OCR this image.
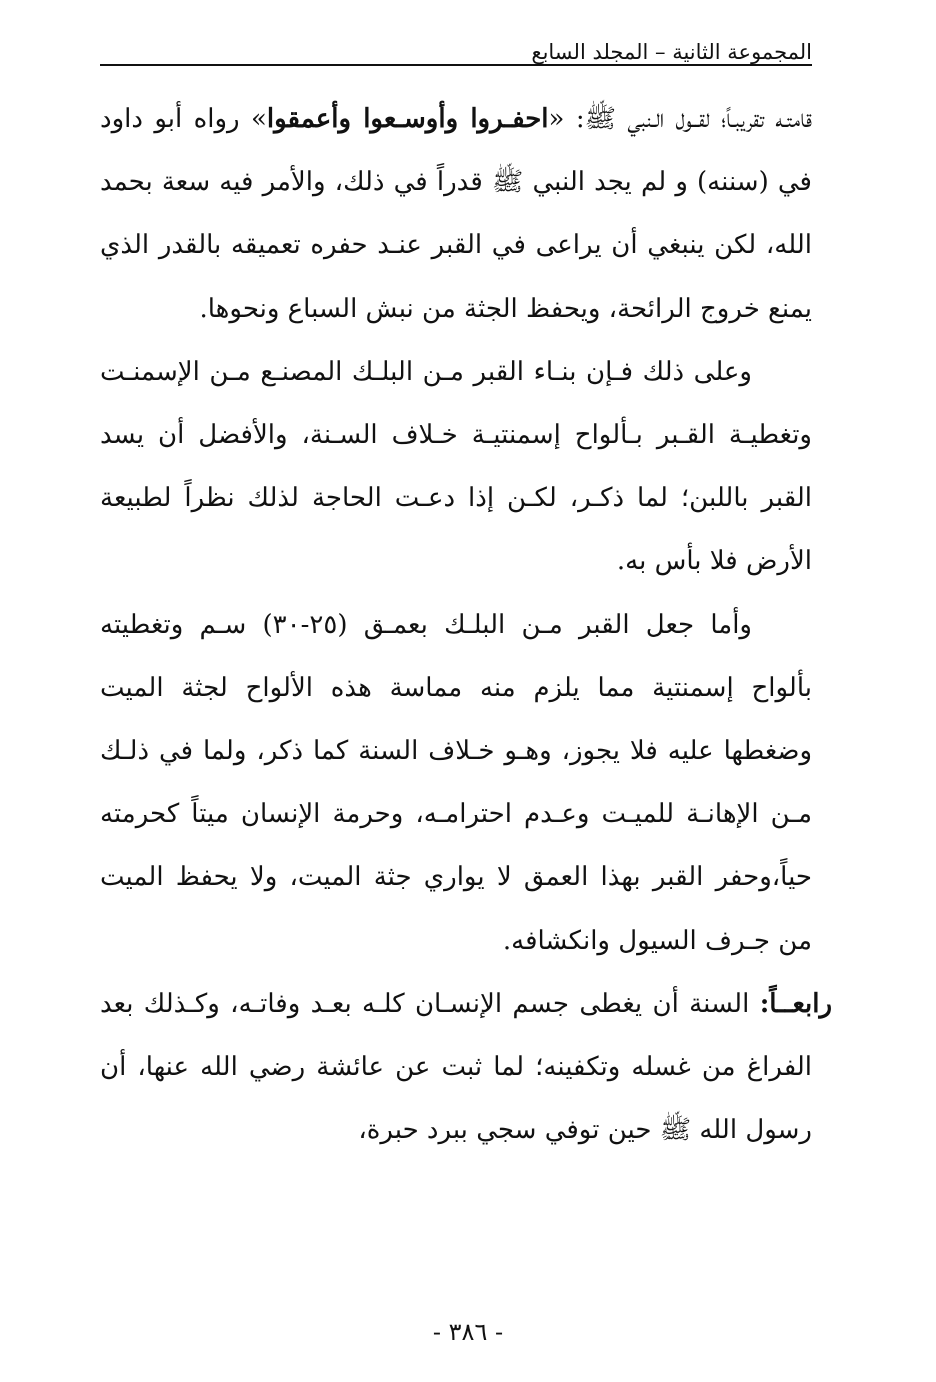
المجموعة الثانية – المجلد السابع

قامتـه تقريبـاً؛ لقــول الـنبي ﷺ: «احفـروا وأوسـعوا وأعمقوا» رواه أبو داود في (سننه) و لم يجد النبي ﷺ قدراً في ذلك، والأمر فيه سعة بحمد الله، لكن ينبغي أن يراعى في القبر عنـد حفره تعميقه بالقدر الذي يمنع خروج الرائحة، ويحفظ الجثة من نبش السباع ونحوها.

وعلى ذلك فـإن بنـاء القبر مـن البلـك المصنـع مـن الإسمنـت وتغطيـة القـبر بـألواح إسمنتيـة خـلاف السـنة، والأفضل أن يسد القبر باللبن؛ لما ذكـر، لكـن إذا دعـت الحاجة لذلك نظراً لطبيعة الأرض فلا بأس به.

وأما جعل القبر مـن البلـك بعمـق (٢٥-٣٠) سـم وتغطيته بألواح إسمنتية مما يلزم منه مماسة هذه الألواح لجثة الميت وضغطها عليه فلا يجوز، وهـو خـلاف السنة كما ذكر، ولما في ذلـك مـن الإهانـة للميـت وعـدم احترامـه، وحرمة الإنسان ميتاً كحرمته حياً،وحفر القبر بهذا العمق لا يواري جثة الميت، ولا يحفظ الميت من جـرف السيول وانكشافه.

رابعــاً: السنة أن يغطى جسم الإنسـان كلـه بعـد وفاتـه، وكـذلك بعد الفراغ من غسله وتكفينه؛ لما ثبت عن عائشة رضي الله عنها، أن رسول الله ﷺ حين توفي سجي ببرد حبرة،

- ٣٨٦ -
